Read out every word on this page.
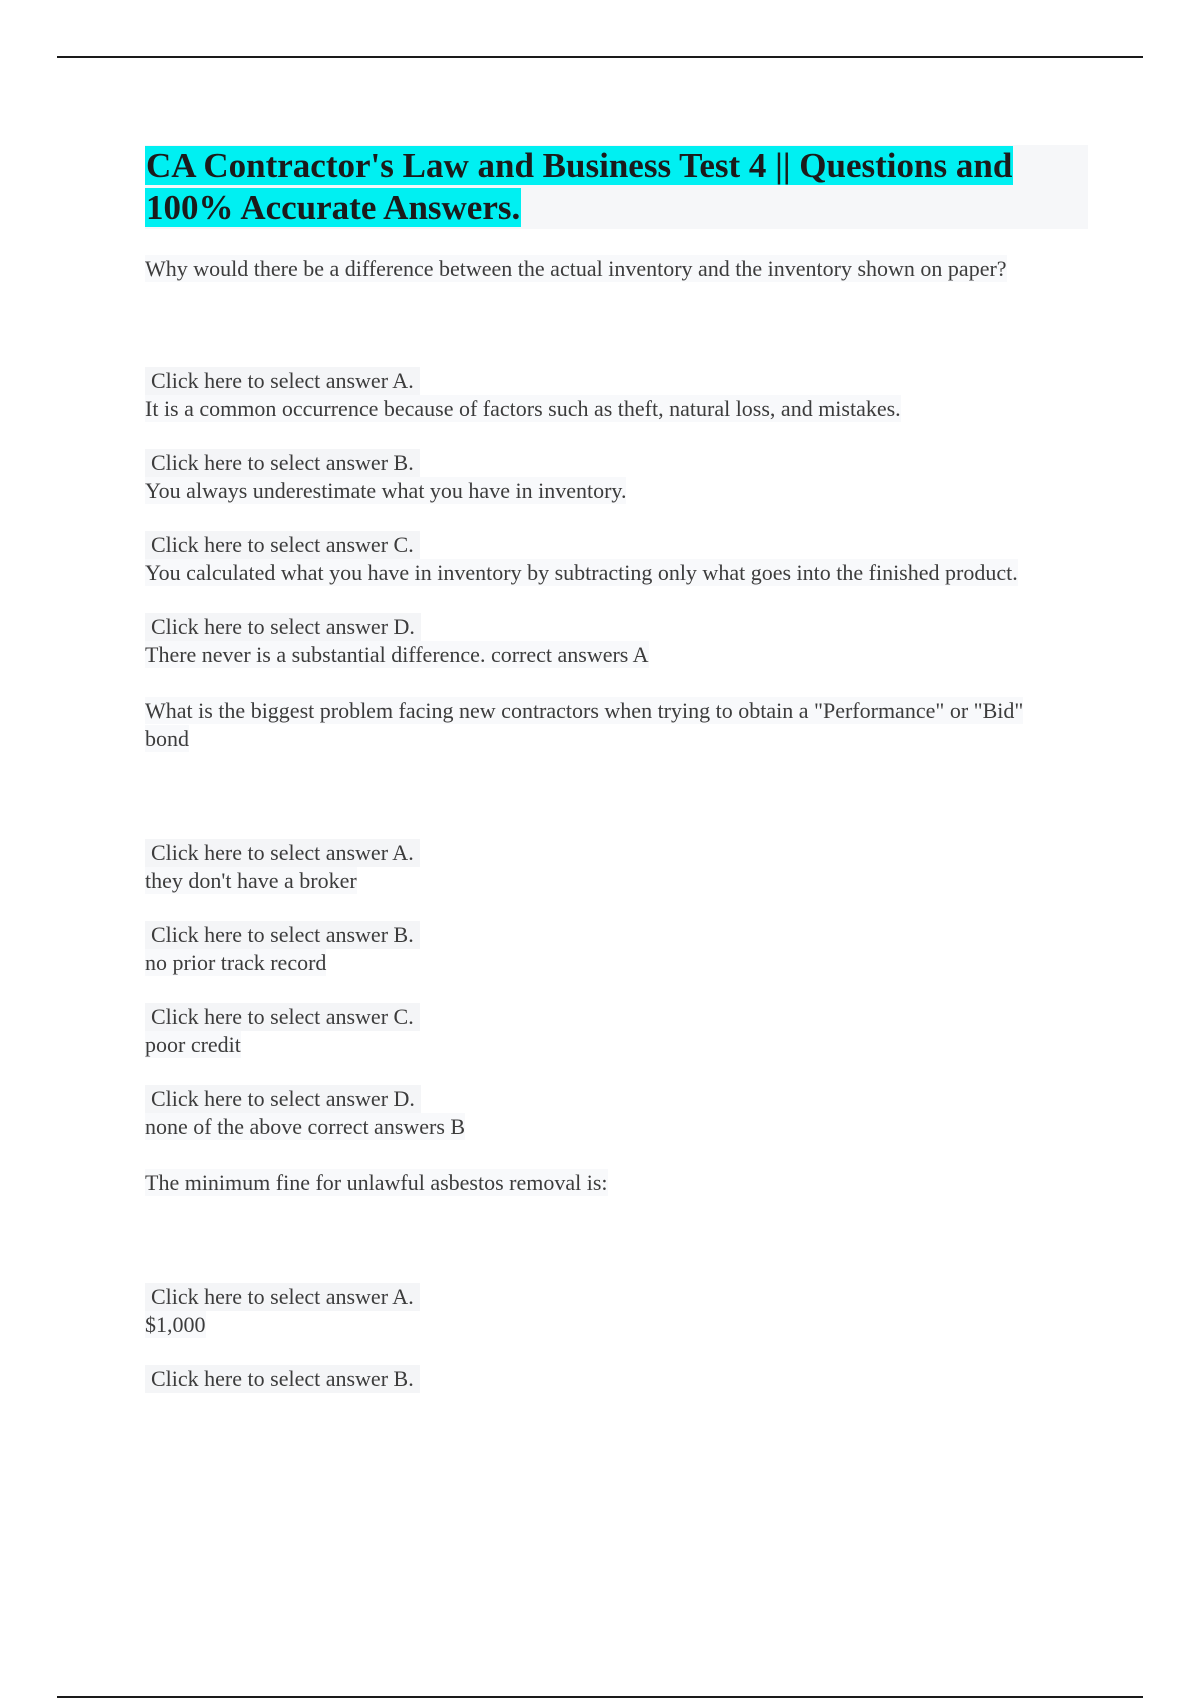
CA Contractor's Law and Business Test 4 || Questions and
100% Accurate Answers.
Why would there be a difference between the actual inventory and the inventory shown on paper?
Click here to select answer A.
It is a common occurrence because of factors such as theft, natural loss, and mistakes.
Click here to select answer B.
You always underestimate what you have in inventory.
Click here to select answer C.
You calculated what you have in inventory by subtracting only what goes into the finished product.
Click here to select answer D.
There never is a substantial difference. correct answers A
What is the biggest problem facing new contractors when trying to obtain a "Performance" or "Bid" bond
Click here to select answer A.
they don't have a broker
Click here to select answer B.
no prior track record
Click here to select answer C.
poor credit
Click here to select answer D.
none of the above correct answers B
The minimum fine for unlawful asbestos removal is:
Click here to select answer A.
$1,000
Click here to select answer B.
